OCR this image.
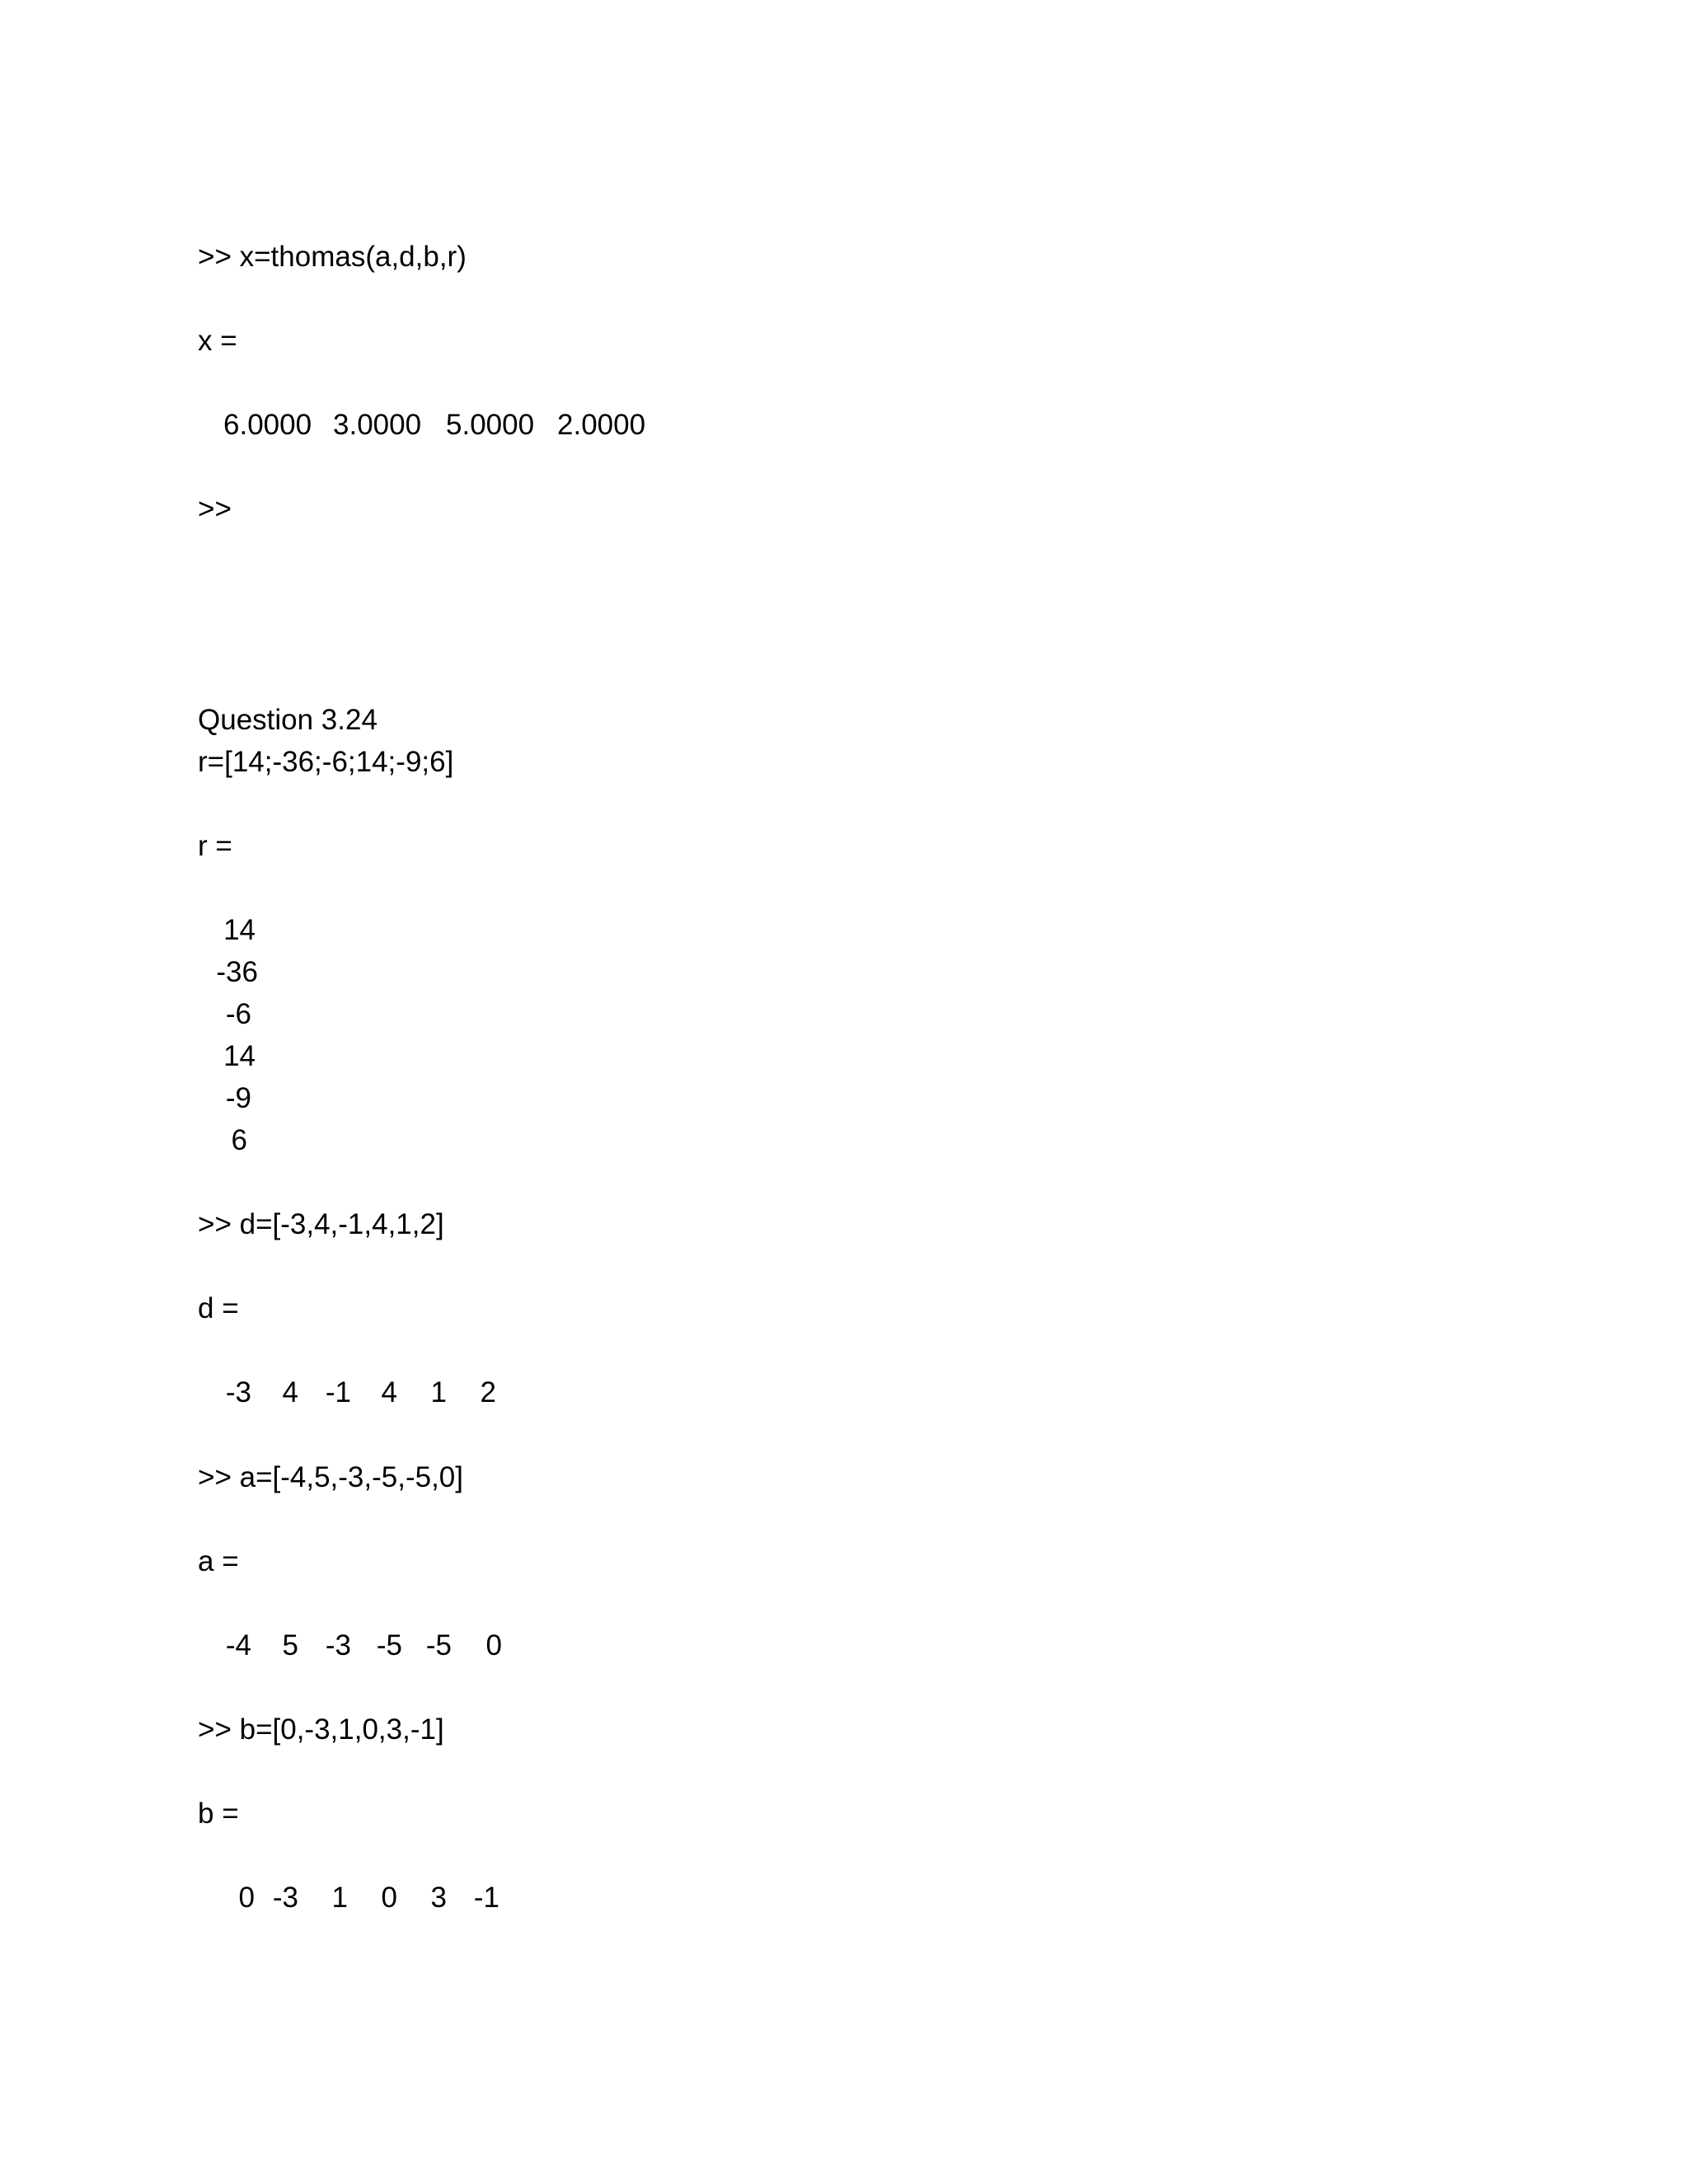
>> x=thomas(a,d,b,r)
x =
6.0000 3.0000 5.0000 2.0000
>>
Question 3.24
r=[14;-36;-6;14;-9;6]
r =
14
-36
-6
14
-9
6
>> d=[-3,4,-1,4,1,2]
d =
-3	4 -1	4	1	2
>> a=[-4,5,-3,-5,-5,0]
a =
-4	5 -3 -5 -5	0
>> b=[0,-3,1,0,3,-1]
b =
0 -3	1	0	3 -1
